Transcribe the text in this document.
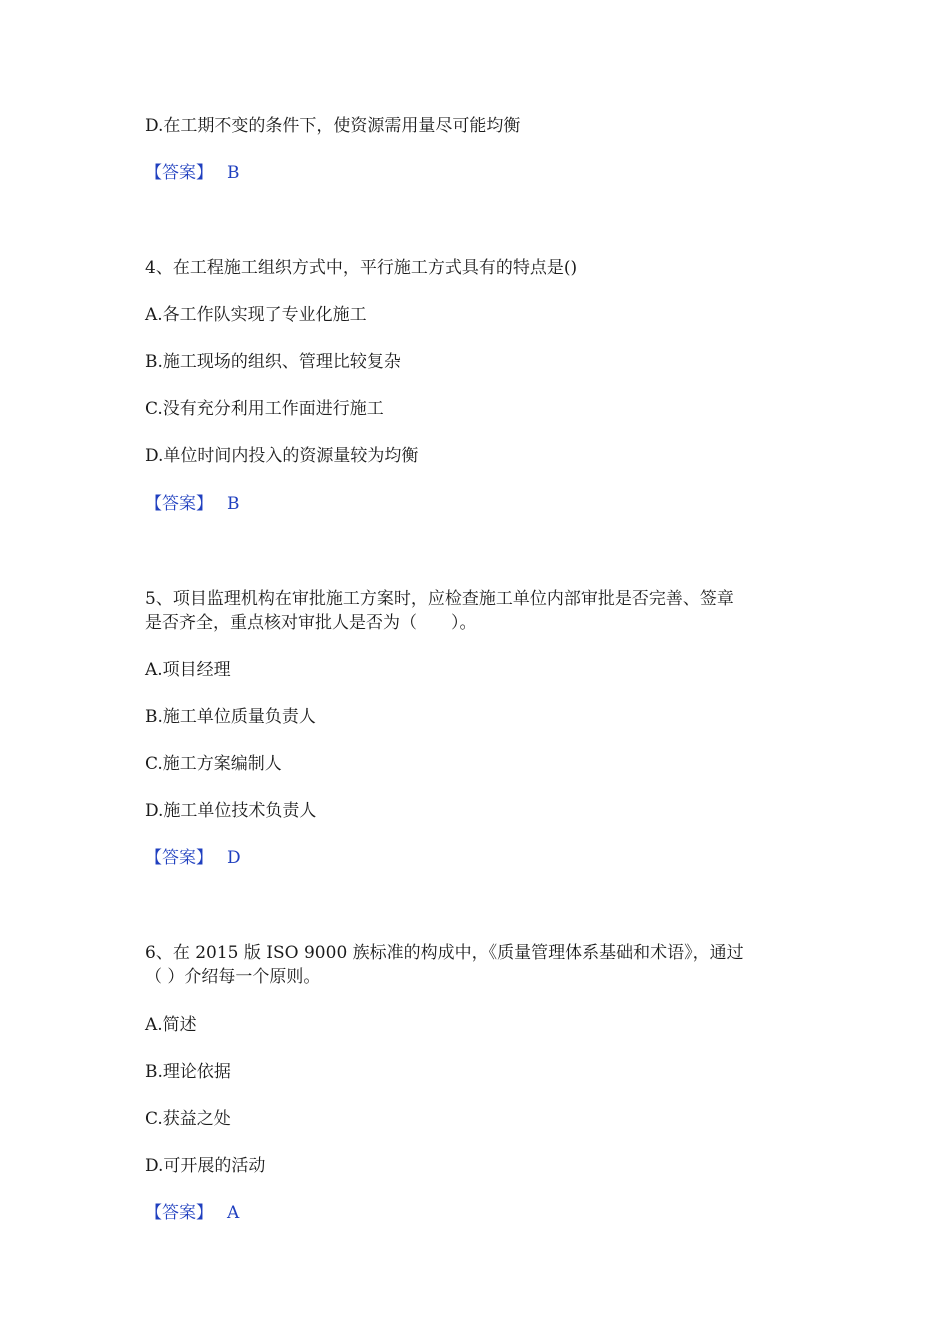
D.在工期不变的条件下，使资源需用量尽可能均衡
【答案】 B
4、在工程施工组织方式中，平行施工方式具有的特点是()
A.各工作队实现了专业化施工
B.施工现场的组织、管理比较复杂
C.没有充分利用工作面进行施工
D.单位时间内投入的资源量较为均衡
【答案】 B
5、项目监理机构在审批施工方案时，应检查施工单位内部审批是否完善、签章
是否齐全，重点核对审批人是否为（　　）。
A.项目经理
B.施工单位质量负责人
C.施工方案编制人
D.施工单位技术负责人
【答案】 D
6、在 2015 版 ISO 9000 族标准的构成中，《质量管理体系基础和术语》，通过
（ ）介绍每一个原则。
A.简述
B.理论依据
C.获益之处
D.可开展的活动
【答案】 A
